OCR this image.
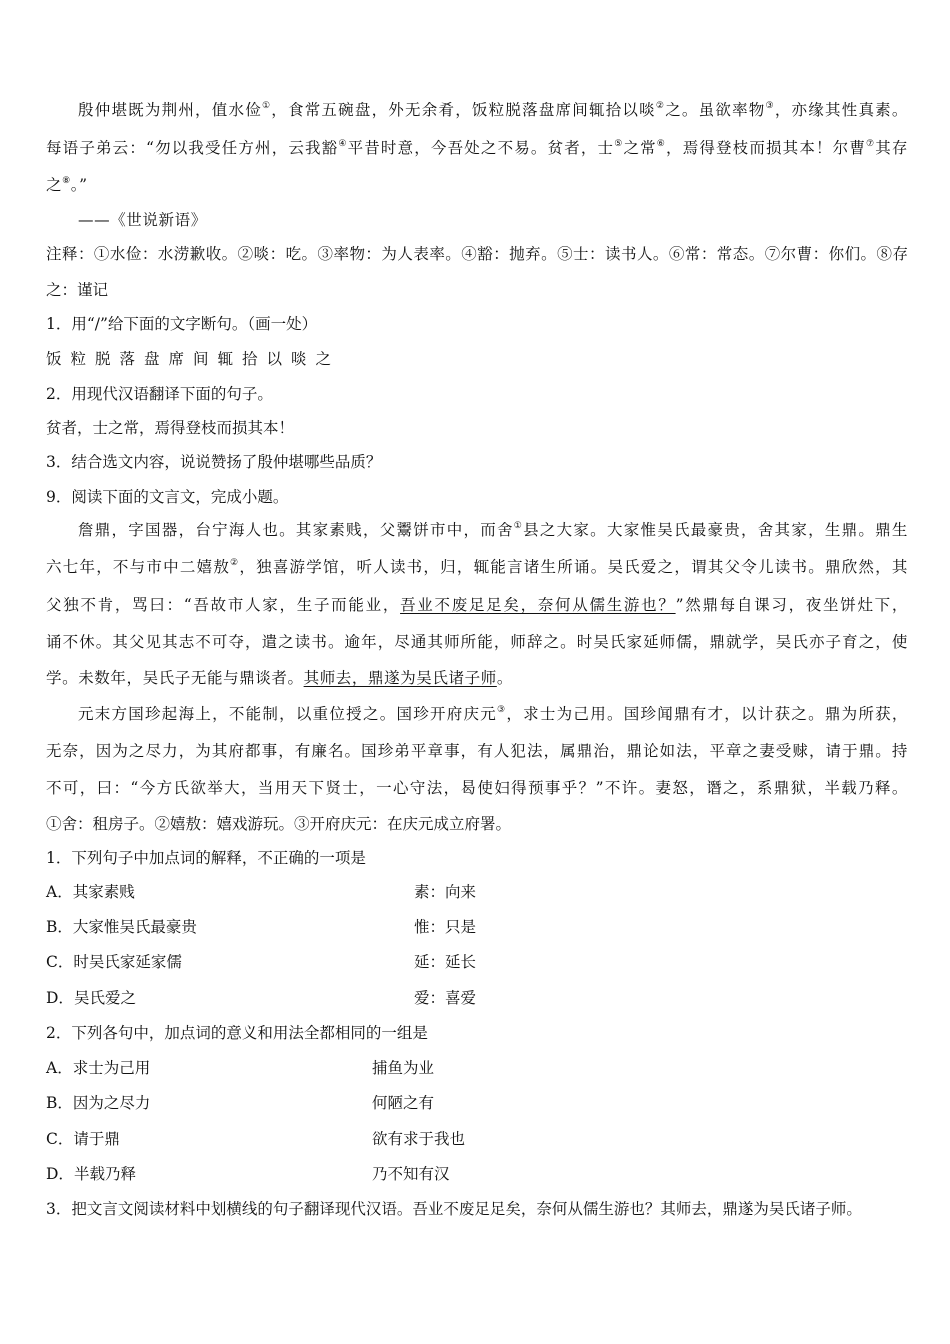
殷仲堪既为荆州，值水俭①，食常五碗盘，外无余肴，饭粒脱落盘席间辄拾以啖②之。虽欲率物③，亦缘其性真素。
每语子弟云：“勿以我受任方州，云我豁④平昔时意，今吾处之不易。贫者，士⑤之常⑥，焉得登枝而损其本！尔曹⑦其存
之⑧。”
——《世说新语》
注释：①水俭：水涝歉收。②啖：吃。③率物：为人表率。④豁：抛弃。⑤士：读书人。⑥常：常态。⑦尔曹：你们。⑧存
之：谨记
1．用“/”给下面的文字断句。（画一处）
饭粒脱落盘席间辄拾以啖之
2．用现代汉语翻译下面的句子。
贫者，士之常，焉得登枝而损其本！
3．结合选文内容，说说赞扬了殷仲堪哪些品质？
9．阅读下面的文言文，完成小题。
詹鼎，字国器，台宁海人也。其家素贱，父鬻饼市中，而舍①县之大家。大家惟吴氏最豪贵，舍其家，生鼎。鼎生
六七年，不与市中二嬉敖②，独喜游学馆，听人读书，归，辄能言诸生所诵。吴氏爱之，谓其父令儿读书。鼎欣然，其
父独不肯，骂曰：“吾故市人家，生子而能业，吾业不废足足矣，奈何从儒生游也？”然鼎每自课习，夜坐饼灶下，
诵不休。其父见其志不可夺，遣之读书。逾年，尽通其师所能，师辞之。时吴氏家延师儒，鼎就学，吴氏亦子育之，使
学。未数年，吴氏子无能与鼎谈者。其师去，鼎遂为吴氏诸子师。
元末方国珍起海上，不能制，以重位授之。国珍开府庆元③，求士为己用。国珍闻鼎有才，以计获之。鼎为所获，
无奈，因为之尽力，为其府都事，有廉名。国珍弟平章事，有人犯法，属鼎治，鼎论如法，平章之妻受赇，请于鼎。持
不可，曰：“今方氏欲举大，当用天下贤士，一心守法，曷使妇得预事乎？”不许。妻怒，谮之，系鼎狱，半载乃释。
①舍：租房子。②嬉敖：嬉戏游玩。③开府庆元：在庆元成立府署。
1．下列句子中加点词的解释，不正确的一项是
A．其家素贱	素：向来
B．大家惟吴氏最豪贵	惟：只是
C．时吴氏家延家儒	延：延长
D．吴氏爱之	爱：喜爱
2．下列各句中，加点词的意义和用法全都相同的一组是
A．求士为己用	捕鱼为业
B．因为之尽力	何陋之有
C．请于鼎	欲有求于我也
D．半载乃释	乃不知有汉
3．把文言文阅读材料中划横线的句子翻译现代汉语。吾业不废足足矣，奈何从儒生游也？其师去，鼎遂为吴氏诸子师。
